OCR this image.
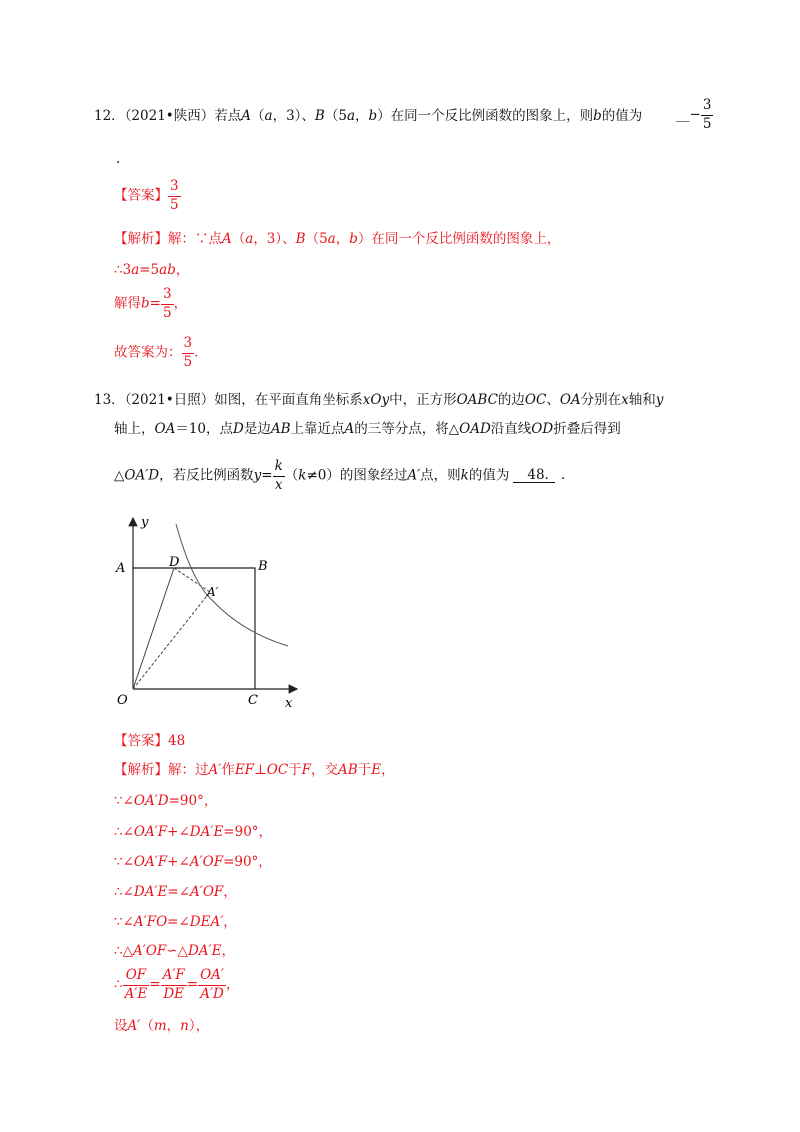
12．（2021•陕西）若点A（a，3）、B（5a，b）在同一个反比例函数的图象上，则b的值为 __− $\frac{3}{5}$
.
【答案】 $\frac{3}{5}$
【解析】解：∵点A（a，3）、B（5a，b）在同一个反比例函数的图象上，
∴3a=5ab，
解得$b= \frac{3}{5}$ ，
故答案为： $\frac{3}{5}$ .
13．（2021•日照）如图，在平面直角坐标系xOy中，正方形OABC的边OC、OA分别在x轴和y
轴上，OA＝10，点D是边AB上靠近点A的三等分点，将△OAD沿直线OD折叠后得到
△OA′D，若反比例函数$y= \frac{k}{x} (k\ne 0)$的图象经过A′点，则k的值为 48. .
y
x
O
A	B
C
D
A′
【答案】48
【解析】解：过A′作EF⊥OC于F，交AB于E，
∵∠OA′D=90°，
∴∠OA′F+∠DA′E=90°，
∵∠OA′F+∠A′OF=90°，
∴∠DA′E=∠A′OF，
∵∠A′FO=∠DEA′，
∴△A′OF∽△DA′E，
∴ $\frac{OF}{A'E} = \frac{A'F}{DE} = \frac{OA'}{A'D}$ ，
设A′（m，n），
